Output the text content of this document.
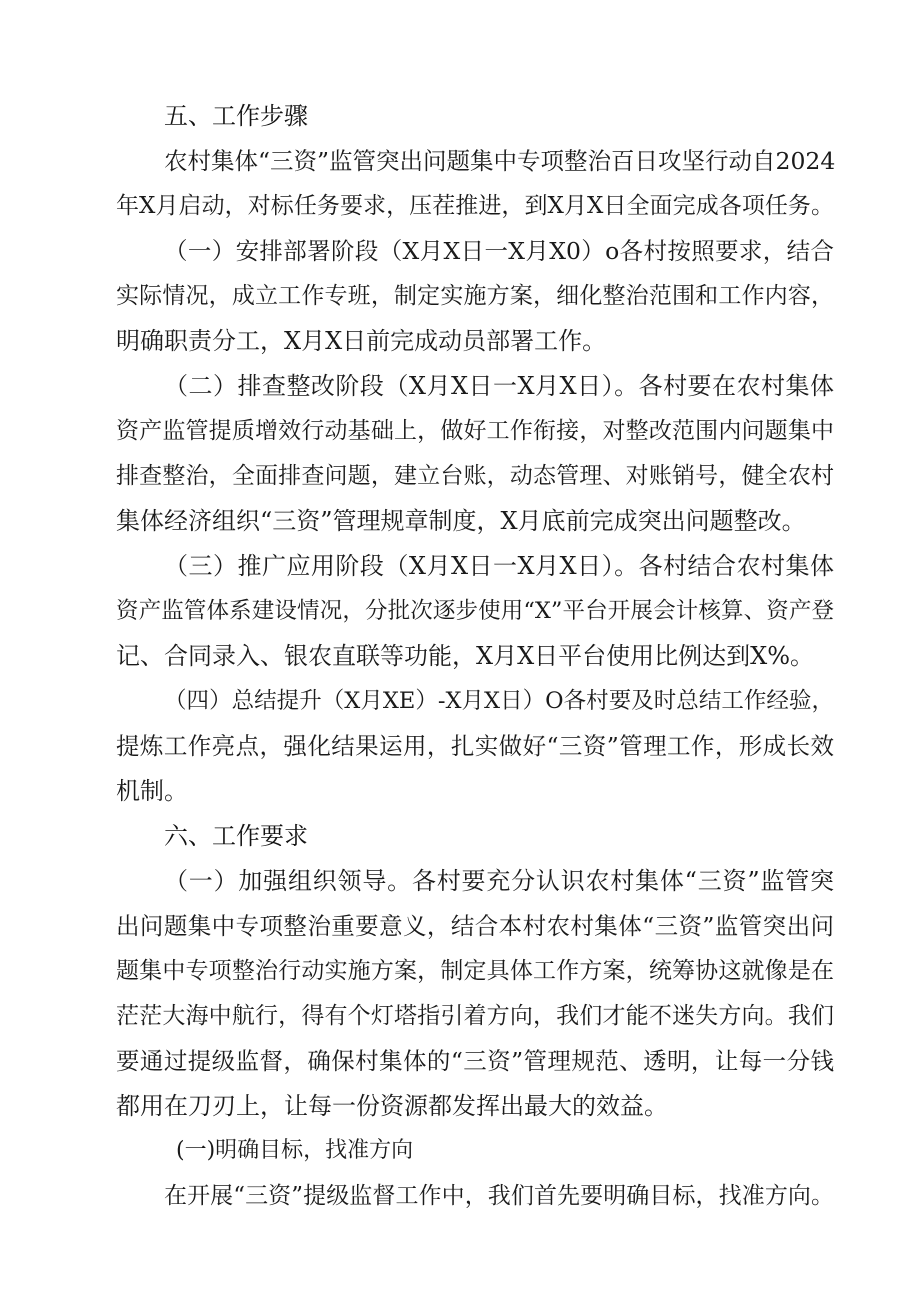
五、工作步骤
农村集体“三资”监管突出问题集中专项整治百日攻坚行动自2024
年X月启动，对标任务要求，压茬推进，到X月X日全面完成各项任务。
（一）安排部署阶段（X月X日一X月X0）o各村按照要求，结合
实际情况，成立工作专班，制定实施方案，细化整治范围和工作内容，
明确职责分工，X月X日前完成动员部署工作。
（二）排查整改阶段（X月X日一X月X日）。各村要在农村集体
资产监管提质增效行动基础上，做好工作衔接，对整改范围内问题集中
排查整治，全面排查问题，建立台账，动态管理、对账销号，健全农村
集体经济组织“三资”管理规章制度，X月底前完成突出问题整改。
（三）推广应用阶段（X月X日一X月X日）。各村结合农村集体
资产监管体系建设情况，分批次逐步使用“X”平台开展会计核算、资产登
记、合同录入、银农直联等功能，X月X日平台使用比例达到X%。
（四）总结提升（X月XE）-X月X日）O各村要及时总结工作经验，
提炼工作亮点，强化结果运用，扎实做好“三资”管理工作，形成长效
机制。
六、工作要求
（一）加强组织领导。各村要充分认识农村集体“三资”监管突
出问题集中专项整治重要意义，结合本村农村集体“三资”监管突出问
题集中专项整治行动实施方案，制定具体工作方案，统筹协这就像是在
茫茫大海中航行，得有个灯塔指引着方向，我们才能不迷失方向。我们
要通过提级监督，确保村集体的“三资”管理规范、透明，让每一分钱
都用在刀刃上，让每一份资源都发挥出最大的效益。
(一)明确目标，找准方向
在开展“三资”提级监督工作中，我们首先要明确目标，找准方向。
